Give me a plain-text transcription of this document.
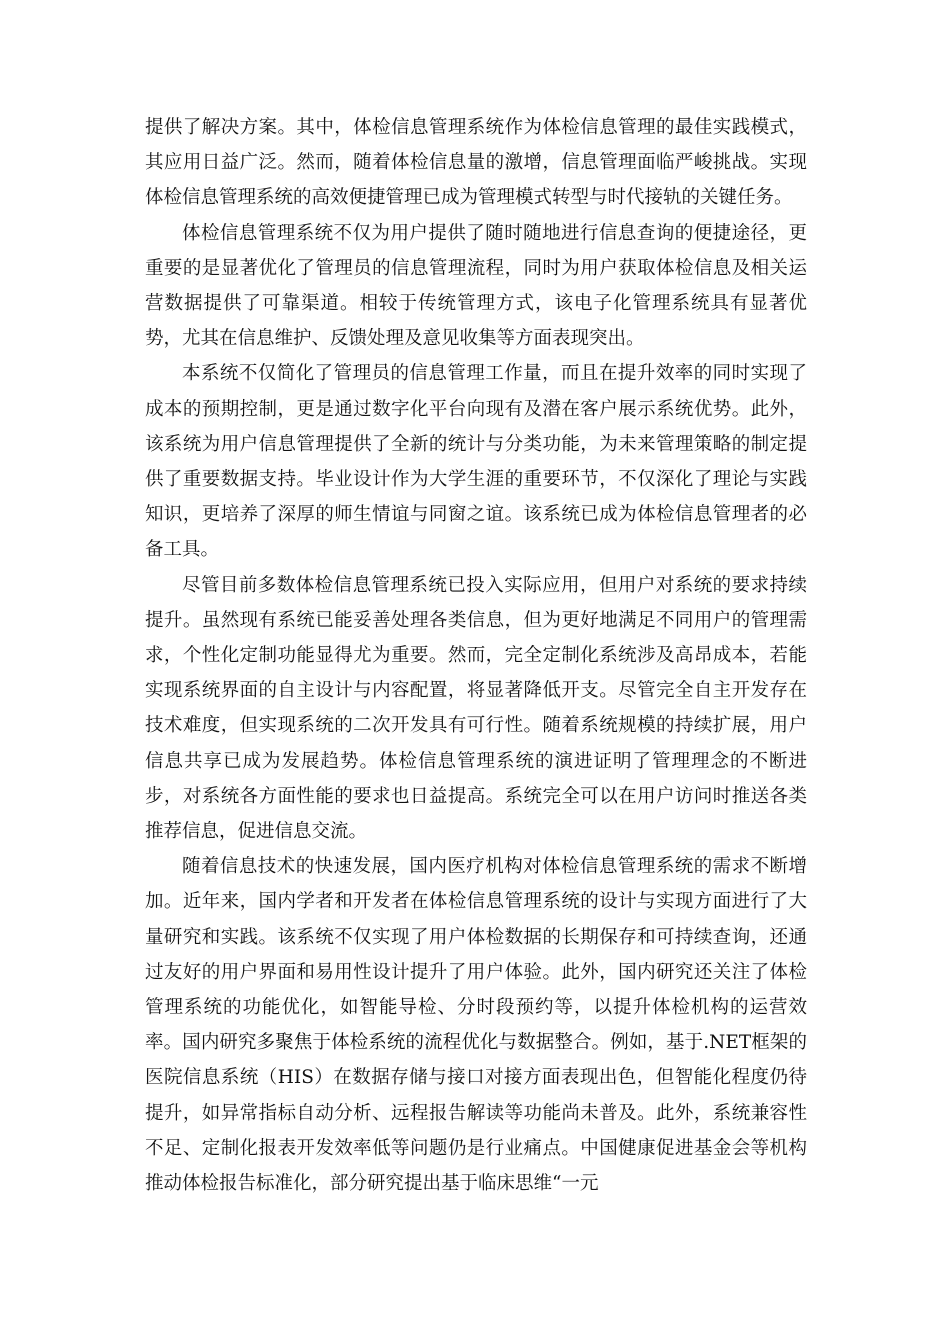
提供了解决方案。其中，体检信息管理系统作为体检信息管理的最佳实践模式，其应用日益广泛。然而，随着体检信息量的激增，信息管理面临严峻挑战。实现体检信息管理系统的高效便捷管理已成为管理模式转型与时代接轨的关键任务。

体检信息管理系统不仅为用户提供了随时随地进行信息查询的便捷途径，更重要的是显著优化了管理员的信息管理流程，同时为用户获取体检信息及相关运营数据提供了可靠渠道。相较于传统管理方式，该电子化管理系统具有显著优势，尤其在信息维护、反馈处理及意见收集等方面表现突出。

本系统不仅简化了管理员的信息管理工作量，而且在提升效率的同时实现了成本的预期控制，更是通过数字化平台向现有及潜在客户展示系统优势。此外，该系统为用户信息管理提供了全新的统计与分类功能，为未来管理策略的制定提供了重要数据支持。毕业设计作为大学生涯的重要环节，不仅深化了理论与实践知识，更培养了深厚的师生情谊与同窗之谊。该系统已成为体检信息管理者的必备工具。

尽管目前多数体检信息管理系统已投入实际应用，但用户对系统的要求持续提升。虽然现有系统已能妥善处理各类信息，但为更好地满足不同用户的管理需求，个性化定制功能显得尤为重要。然而，完全定制化系统涉及高昂成本，若能实现系统界面的自主设计与内容配置，将显著降低开支。尽管完全自主开发存在技术难度，但实现系统的二次开发具有可行性。随着系统规模的持续扩展，用户信息共享已成为发展趋势。体检信息管理系统的演进证明了管理理念的不断进步，对系统各方面性能的要求也日益提高。系统完全可以在用户访问时推送各类推荐信息，促进信息交流。

随着信息技术的快速发展，国内医疗机构对体检信息管理系统的需求不断增加。近年来，国内学者和开发者在体检信息管理系统的设计与实现方面进行了大量研究和实践。该系统不仅实现了用户体检数据的长期保存和可持续查询，还通过友好的用户界面和易用性设计提升了用户体验。此外，国内研究还关注了体检管理系统的功能优化，如智能导检、分时段预约等，以提升体检机构的运营效率。国内研究多聚焦于体检系统的流程优化与数据整合。例如，基于.NET框架的医院信息系统（HIS）在数据存储与接口对接方面表现出色，但智能化程度仍待提升，如异常指标自动分析、远程报告解读等功能尚未普及。此外，系统兼容性不足、定制化报表开发效率低等问题仍是行业痛点。中国健康促进基金会等机构推动体检报告标准化，部分研究提出基于临床思维“一元
